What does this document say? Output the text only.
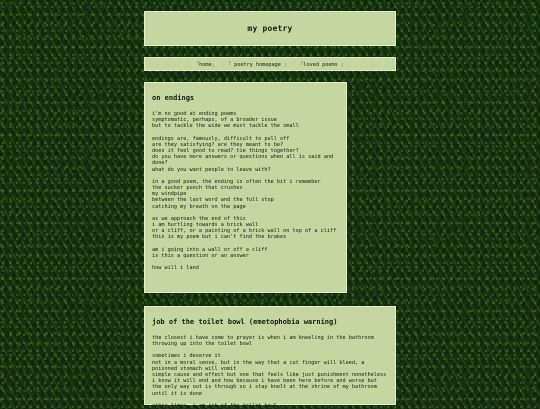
my poetry
「home」 「 poetry homepage 」 「loved poems 」
on endings
i'm no good at ending poems
symptomatic, perhaps, of a broader issue
but to tackle the wide we must tackle the small
endings are, famously, difficult to pull off
are they satisfying? are they meant to be?
does it feel good to read? tie things together?
do you have more answers or questions when all is said and done?
what do you want people to leave with?
in a good poem, the ending is often the bit i remember
the sucker punch that crushes
my windpipe
between the last word and the full stop
catching my breath on the page
as we approach the end of this
i am hurtling towards a brick wall
or a cliff, or a painting of a brick wall on top of a cliff
this is my poem but i can't find the brakes
am i going into a wall or off a cliff
is this a question or an answer
how will i land
job of the toilet bowl (emetophobia warning)
the closest i have come to prayer is when i am kneeling in the bathroom throwing up into the toilet bowl
sometimes i deserve it
not in a moral sense, but in the way that a cut finger will bleed, a poisoned stomach will vomit
simple cause and effect but one that feels like just punishment nonetheless
i know it will end and how because i have been here before and worse but the only way out is through so i stay knelt at the shrine of my bathroom until it is done
other times, i am job of the toilet bowl
